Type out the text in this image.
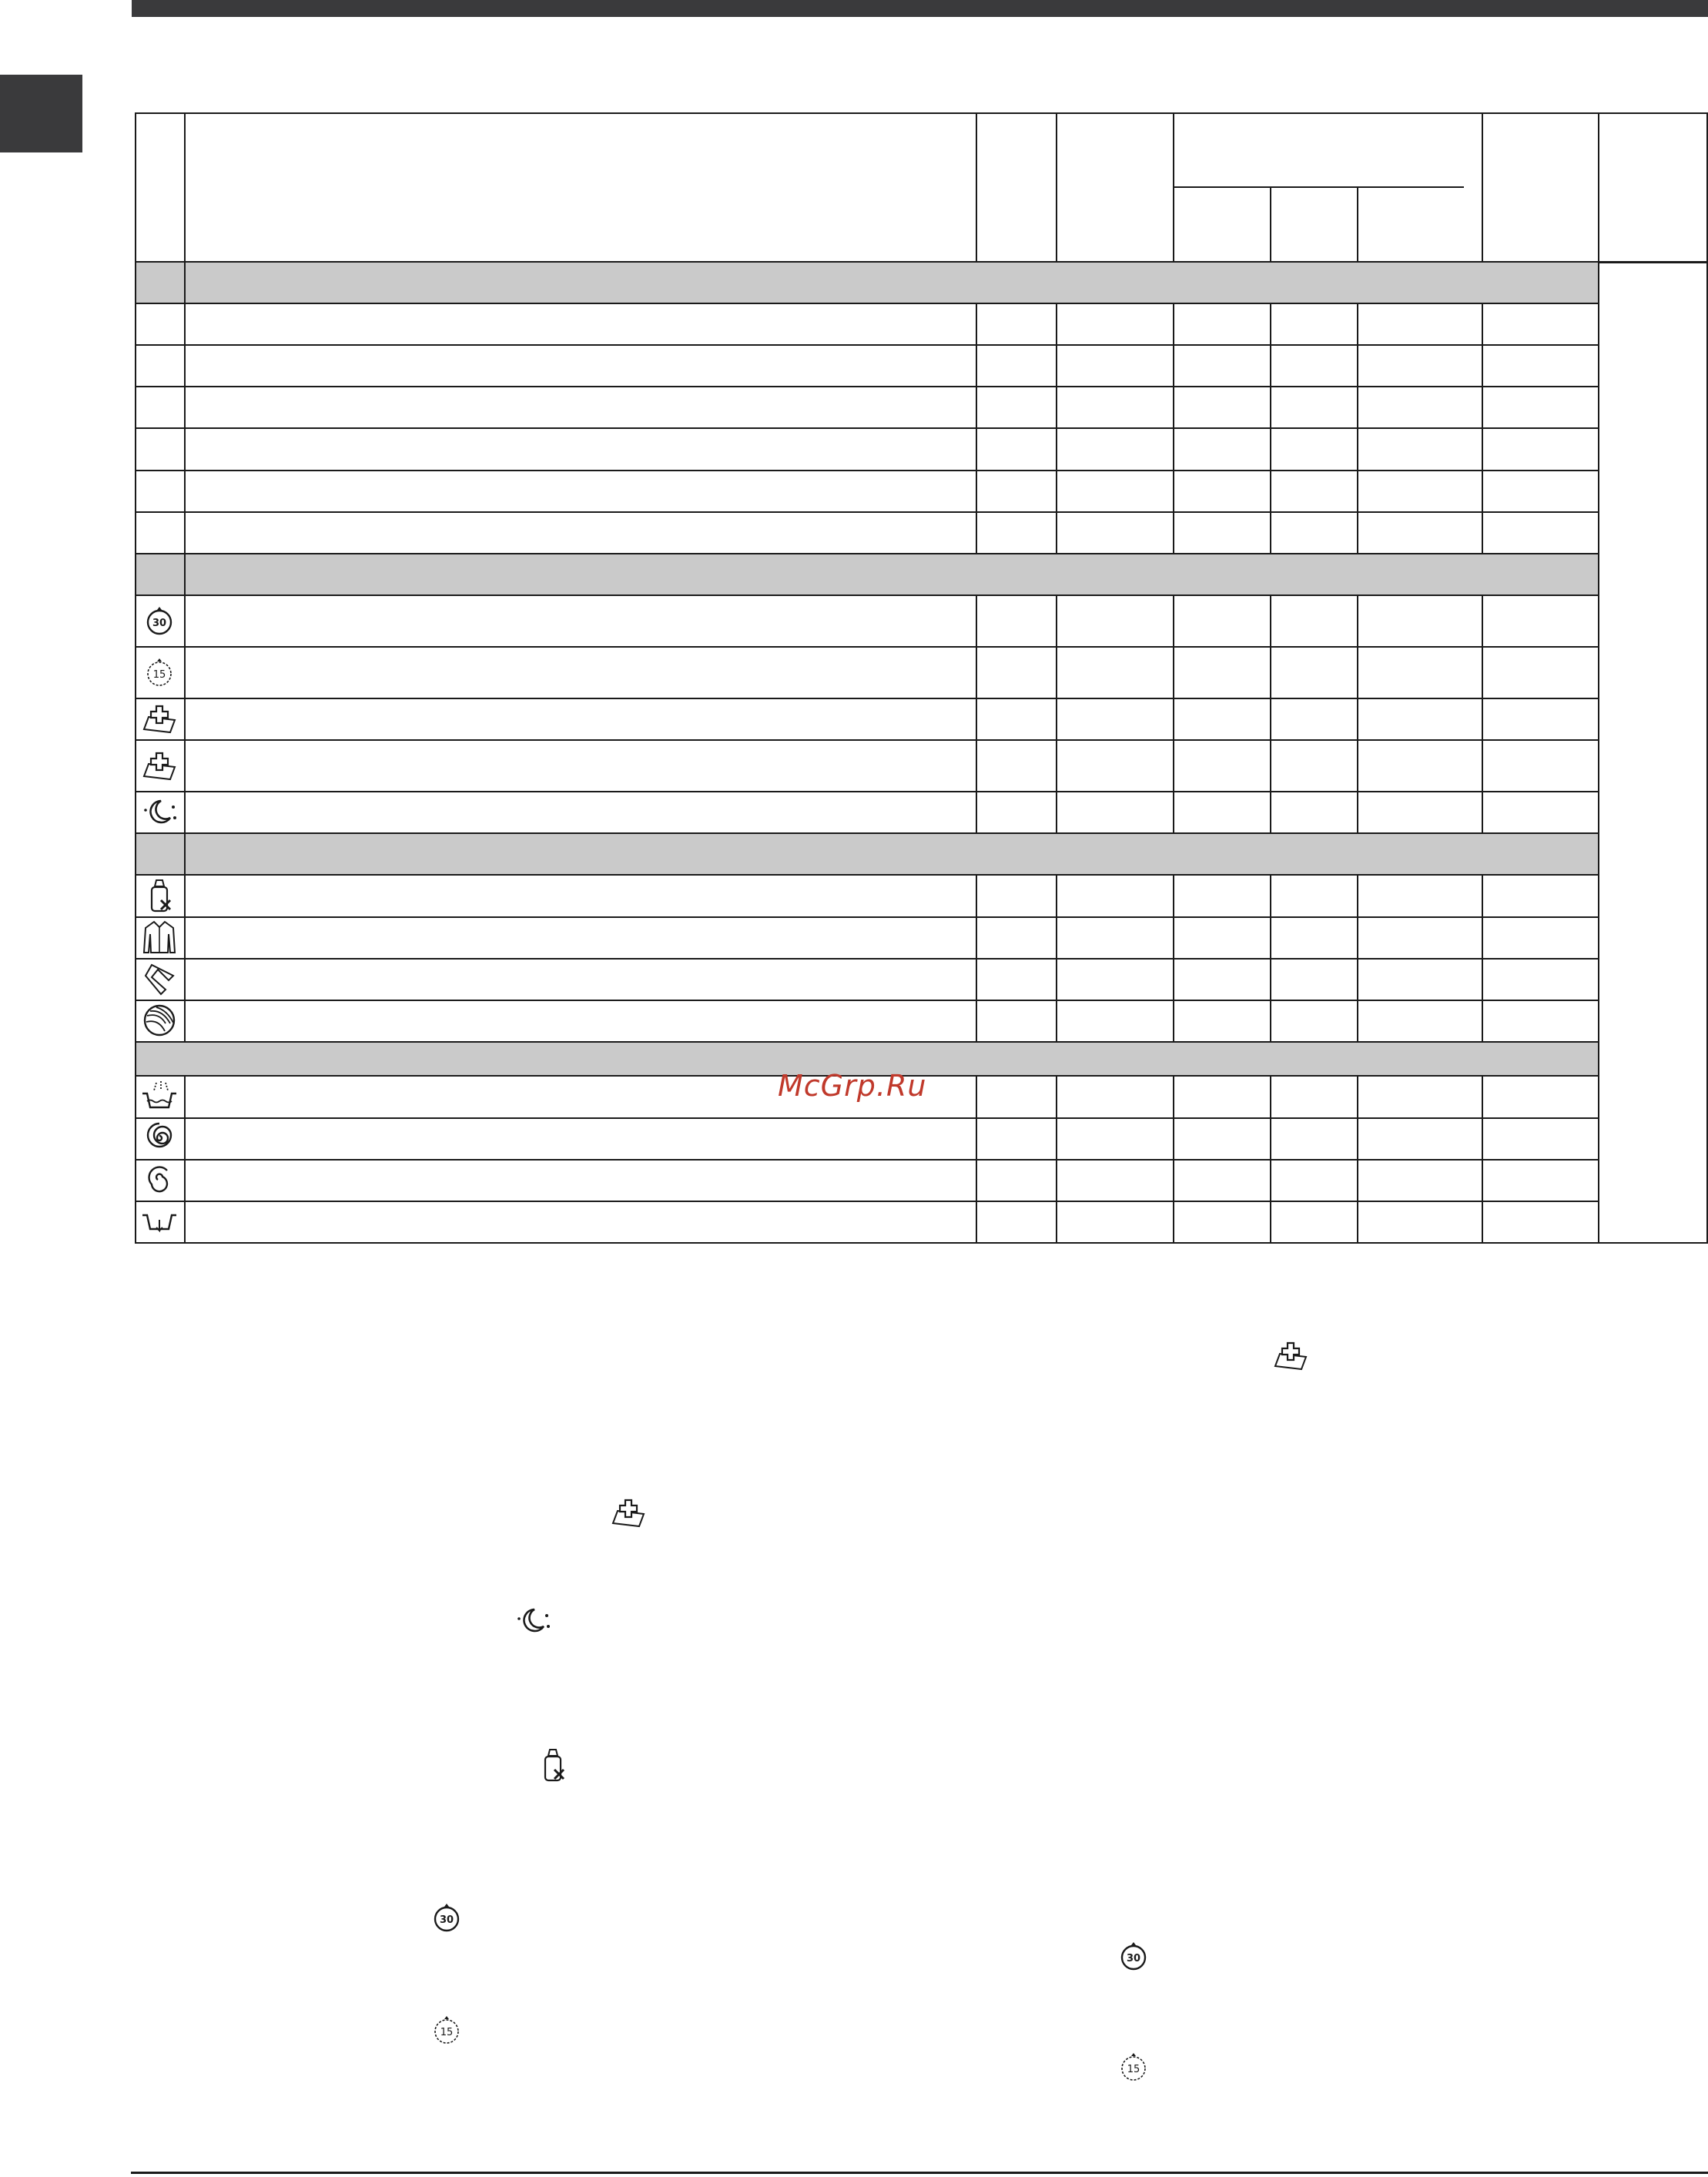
30
15
McGrp.Ru
30
15
30
15
